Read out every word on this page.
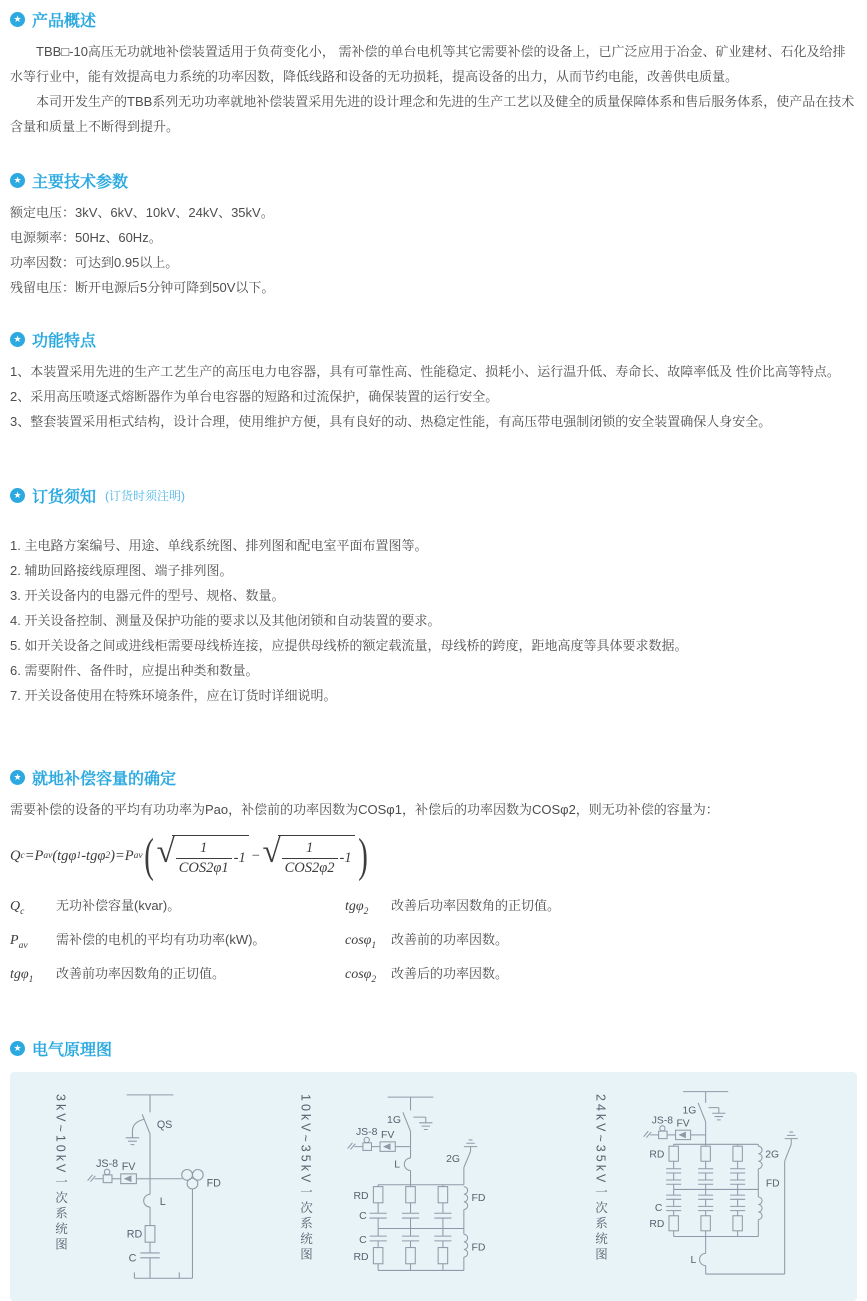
★ 产品概述

TBB□-10高压无功就地补偿装置适用于负荷变化小， 需补偿的单台电机等其它需要补偿的设备上，已广泛应用于冶金、矿业建材、石化及给排水等行业中，能有效提高电力系统的功率因数，降低线路和设备的无功损耗，提高设备的出力，从而节约电能，改善供电质量。

本司开发生产的TBB系列无功功率就地补偿装置采用先进的设计理念和先进的生产工艺以及健全的质量保障体系和售后服务体系，使产品在技术含量和质量上不断得到提升。

★ 主要技术参数
额定电压：3kV、6kV、10kV、24kV、35kV。
电源频率：50Hz、60Hz。
功率因数：可达到0.95以上。
残留电压：断开电源后5分钟可降到50V以下。
★ 功能特点
1、本装置采用先进的生产工艺生产的高压电力电容器，具有可靠性高、性能稳定、损耗小、运行温升低、寿命长、故障率低及 性价比高等特点。
2、采用高压喷逐式熔断器作为单台电容器的短路和过流保护，确保装置的运行安全。
3、整套装置采用柜式结构，设计合理，使用维护方便，具有良好的动、热稳定性能，有高压带电强制闭锁的安全装置确保人身安全。
★ 订货须知 (订货时须注明)
1. 主电路方案编号、用途、单线系统图、排列图和配电室平面布置图等。
2. 辅助回路接线原理图、端子排列图。
3. 开关设备内的电器元件的型号、规格、数量。
4. 开关设备控制、测量及保护功能的要求以及其他闭锁和自动装置的要求。
5. 如开关设备之间或进线柜需要母线桥连接，应提供母线桥的额定载流量，母线桥的跨度，距地高度等具体要求数据。
6. 需要附件、备件时，应提出种类和数量。
7. 开关设备使用在特殊环境条件，应在订货时详细说明。
★ 就地补偿容量的确定

需要补偿的设备的平均有功功率为Pao，补偿前的功率因数为COSφ1，补偿后的功率因数为COSφ2，则无功补偿的容量为：

Q c = P av (tgφ 1 -tgφ 2 ) = P av ( √ $\frac{1}{\text{COS2φ1}} -1$ − √ $\frac{1}{\text{COS2φ2}} -1$ )
$Q_c$	无功补偿容量(kvar)。
$P_{av}$	需补偿的电机的平均有功功率(kW)。
tgφ$_1$	改善前功率因数角的正切值。
tgφ$_2$	改善后功率因数角的正切值。
cosφ$_1$	改善前的功率因数。
cosφ$_2$	改善后的功率因数。
★ 电气原理图
3kV~10kV一次系统图	QS
JS-8 FV
FD
L
RD
C	10kV~35kV一次系统图	1G
JS-8 FV
L
RD
C
C
RD
2G
FD
FD	24kV~35kV一次系统图	1G
JS-8 FV
RD
C
RD
2G
FD
L
